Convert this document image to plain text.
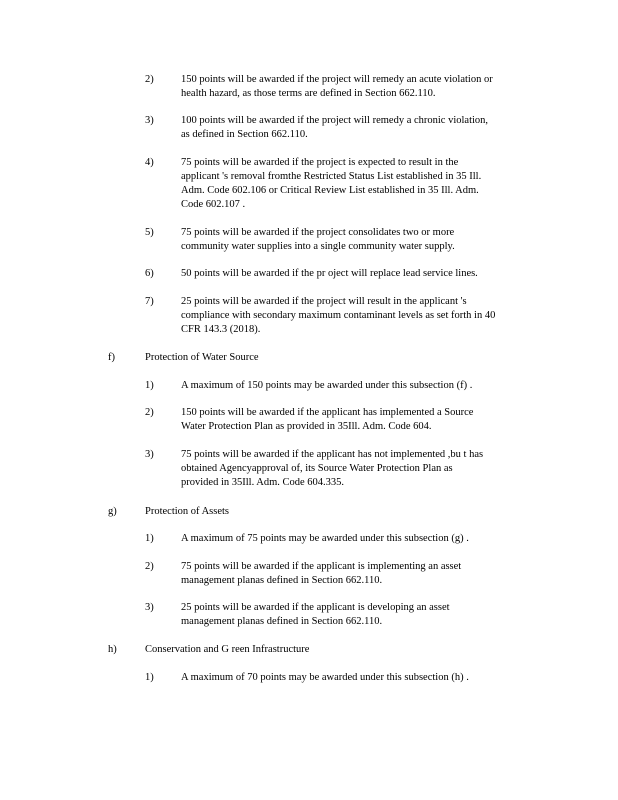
2)	150 points will be awarded if the project will remedy an acute violation or
health hazard, as those terms are defined in Section 662.110.
3)	100 points will be awarded if the project will remedy a chronic violation,
as defined in Section 662.110.
4)	75 points will be awarded if the project is expected to result in the
applicant 's removal fromthe Restricted Status List established in 35 Ill.
Adm. Code 602.106 or Critical Review List established in 35 Ill. Adm.
Code 602.107 .
5)	75 points will be awarded if the project consolidates two or more
community water supplies into a single community water supply.
6)	50 points will be awarded if the pr oject will replace lead service lines.
7)	25 points will be awarded if the project will result in the applicant 's
compliance with secondary maximum contaminant levels as set forth in 40
CFR 143.3 (2018).
f)	Protection of Water Source
1)	A maximum of 150 points may be awarded under this subsection (f) .
2)	150 points will be awarded if the applicant has implemented a Source
Water Protection Plan as provided in 35Ill. Adm. Code 604.
3)	75 points will be awarded if the applicant has not implemented ,bu t has
obtained Agencyapproval of, its Source Water Protection Plan as
provided in 35Ill. Adm. Code 604.335.
g)	Protection of Assets
1)	A maximum of 75 points may be awarded under this subsection (g) .
2)	75 points will be awarded if the applicant is implementing an asset
management planas defined in Section 662.110.
3)	25 points will be awarded if the applicant is developing an asset
management planas defined in Section 662.110.
h)	Conservation and G reen Infrastructure
1)	A maximum of 70 points may be awarded under this subsection (h) .
